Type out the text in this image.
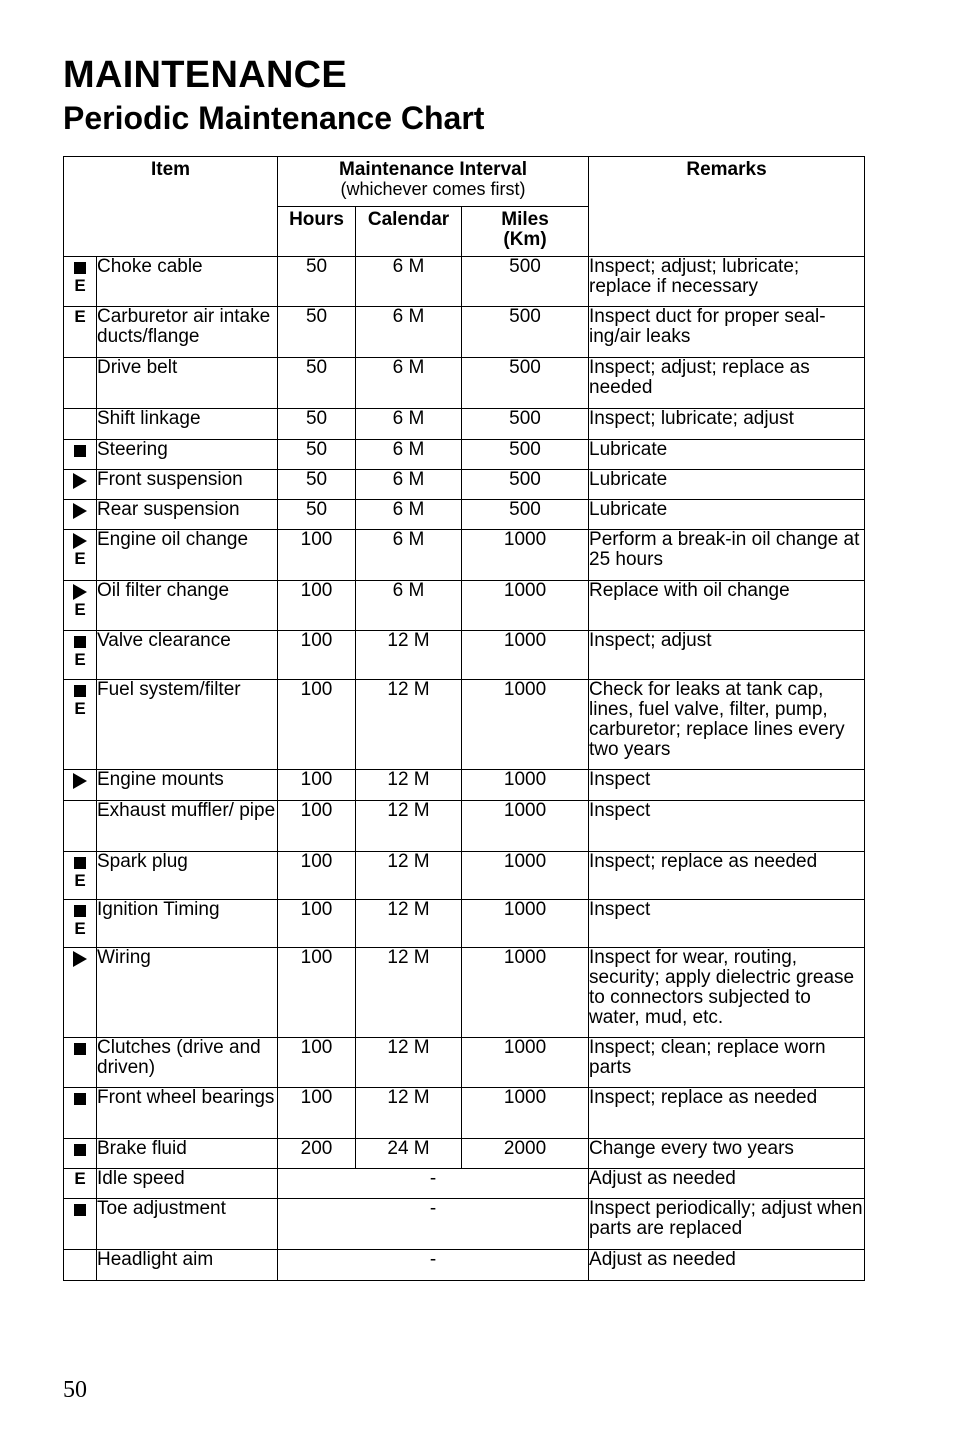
MAINTENANCE
Periodic Maintenance Chart
Item		Maintenance Interval
(whichever comes first)			Remarks
		Hours	Calendar	Miles
(Km)	

E	Choke cable	50	6 M	500	Inspect; adjust; lubricate; replace if necessary

E	Carburetor air intake ducts/flange	50	6 M	500	Inspect duct for proper seal-ing/air leaks
	Drive belt	50	6 M	500	Inspect; adjust; replace as needed
	Shift linkage	50	6 M	500	Inspect; lubricate; adjust

	Steering	50	6 M	500	Lubricate

	Front suspension	50	6 M	500	Lubricate

	Rear suspension	50	6 M	500	Lubricate

E	Engine oil change	100	6 M	1000	Perform a break-in oil change at 25 hours

E	Oil filter change	100	6 M	1000	Replace with oil change

E	Valve clearance	100	12 M	1000	Inspect; adjust

E	Fuel system/filter	100	12 M	1000	Check for leaks at tank cap, lines, fuel valve, filter, pump, carburetor; replace lines every two years

	Engine mounts	100	12 M	1000	Inspect
	Exhaust muffler/ pipe	100	12 M	1000	Inspect

E	Spark plug	100	12 M	1000	Inspect; replace as needed

E	Ignition Timing	100	12 M	1000	Inspect

	Wiring	100	12 M	1000	Inspect for wear, routing, security; apply dielectric grease to connectors subjected to water, mud, etc.

	Clutches (drive and driven)	100	12 M	1000	Inspect; clean; replace worn parts

	Front wheel bearings	100	12 M	1000	Inspect; replace as needed

	Brake fluid	200	24 M	2000	Change every two years

E	Idle speed	-			Adjust as needed

	Toe adjustment	-			Inspect periodically; adjust when parts are replaced
	Headlight aim	-			Adjust as needed
50
